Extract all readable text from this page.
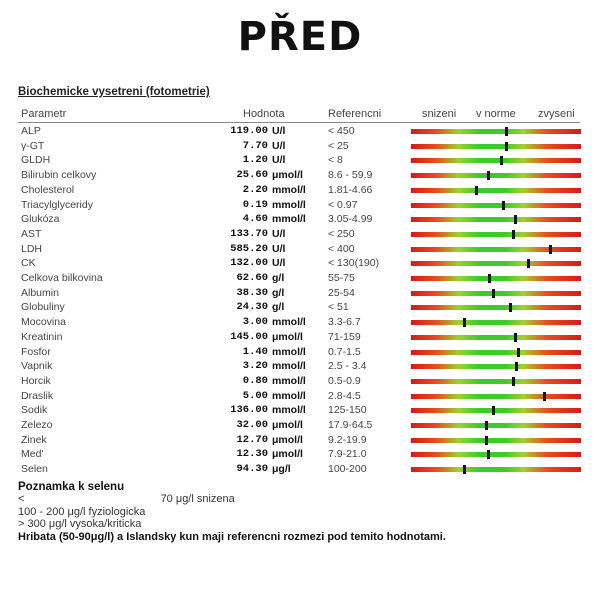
PŘED
Biochemicke vysetreni (fotometrie)
Parametr	Hodnota	Referencni	snizeni v norme zvyseni
ALP	119.00 U/l	< 450
γ-GT	7.70 U/l	< 25
GLDH	1.20 U/l	< 8
Bilirubin celkovy	25.60 μmol/l 8.6 - 59.9
Cholesterol	2.20 mmol/l 1.81-4.66
Triacylglyceridy	0.19 mmol/l < 0.97
Glukóza	4.60 mmol/l 3.05-4.99
AST	133.70 U/l	< 250
LDH	585.20 U/l	< 400
CK	132.00 U/l	< 130(190)
Celkova bilkovina	62.60 g/l	55-75
Albumin	38.30 g/l	25-54
Globuliny	24.30 g/l	< 51
Mocovina	3.00 mmol/l 3.3-6.7
Kreatinin	145.00 μmol/l 71-159
Fosfor	1.40 mmol/l 0.7-1.5
Vapnik	3.20 mmol/l 2.5 - 3.4
Horcik	0.80 mmol/l 0.5-0.9
Draslik	5.00 mmol/l 2.8-4.5
Sodik	136.00 mmol/l 125-150
Zelezo	32.00 μmol/l 17.9-64.5
Zinek	12.70 μmol/l 9.2-19.9
Med'	12.30 μmol/l 7.9-21.0
Selen	94.30 μg/l	100-200
Poznamka k selenu
<	70 μg/l snizena
100 - 200 μg/l fyziologicka
> 300 μg/l vysoka/kriticka
Hribata (50-90μg/l) a Islandsky kun maji referencni rozmezi pod temito hodnotami.
